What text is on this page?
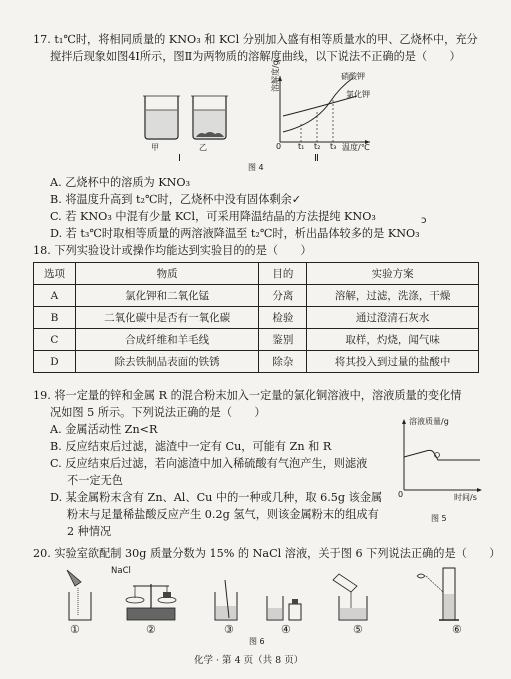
17. t₁℃时，将相同质量的 KNO₃ 和 KCl 分别加入盛有相等质量水的甲、乙烧杯中，充分
搅拌后现象如图4Ⅰ所示，图Ⅱ为两物质的溶解度曲线，以下说法不正确的是（　　）
甲	乙
Ⅰ
溶解度/g	硝酸钾
氯化钾
0 t₁ t₂ t₃ 温度/℃
Ⅱ
图 4
A. 乙烧杯中的溶质为 KNO₃
B. 将温度升高到 t₂℃时，乙烧杯中没有固体剩余✓
C. 若 KNO₃ 中混有少量 KCl，可采用降温结晶的方法提纯 KNO₃
D. 若 t₃℃时取相等质量的两溶液降温至 t₂℃时，析出晶体较多的是 KNO₃
ɔ
18. 下列实验设计或操作均能达到实验目的的是（　　）
选项	物质	目的	实验方案
A	氯化钾和二氧化锰	分离	溶解，过滤，洗涤，干燥
B	二氧化碳中是否有一氧化碳	检验	通过澄清石灰水
C	合成纤维和羊毛线	鉴别	取样，灼烧，闻气味
D	除去铁制品表面的铁锈	除杂	将其投入到过量的盐酸中
19. 将一定量的锌和金属 R 的混合粉末加入一定量的氯化铜溶液中，溶液质量的变化情
况如图 5 所示。下列说法正确的是（　　）
A. 金属活动性 Zn<R
B. 反应结束后过滤，滤渣中一定有 Cu，可能有 Zn 和 R
C. 反应结束后过滤，若向滤渣中加入稀硫酸有气泡产生，则滤液
不一定无色
D. 某金属粉末含有 Zn、Al、Cu 中的一种或几种，取 6.5g 该金属
粉末与足量稀盐酸反应产生 0.2g 氢气，则该金属粉末的组成有
2 种情况
溶液质量/g
0	时间/s
图 5
20. 实验室欲配制 30g 质量分数为 15% 的 NaCl 溶液，关于图 6 下列说法正确的是（　　）
NaCl
①	②	③	④	⑤	⑥
图 6
化学 · 第 4 页（共 8 页）
